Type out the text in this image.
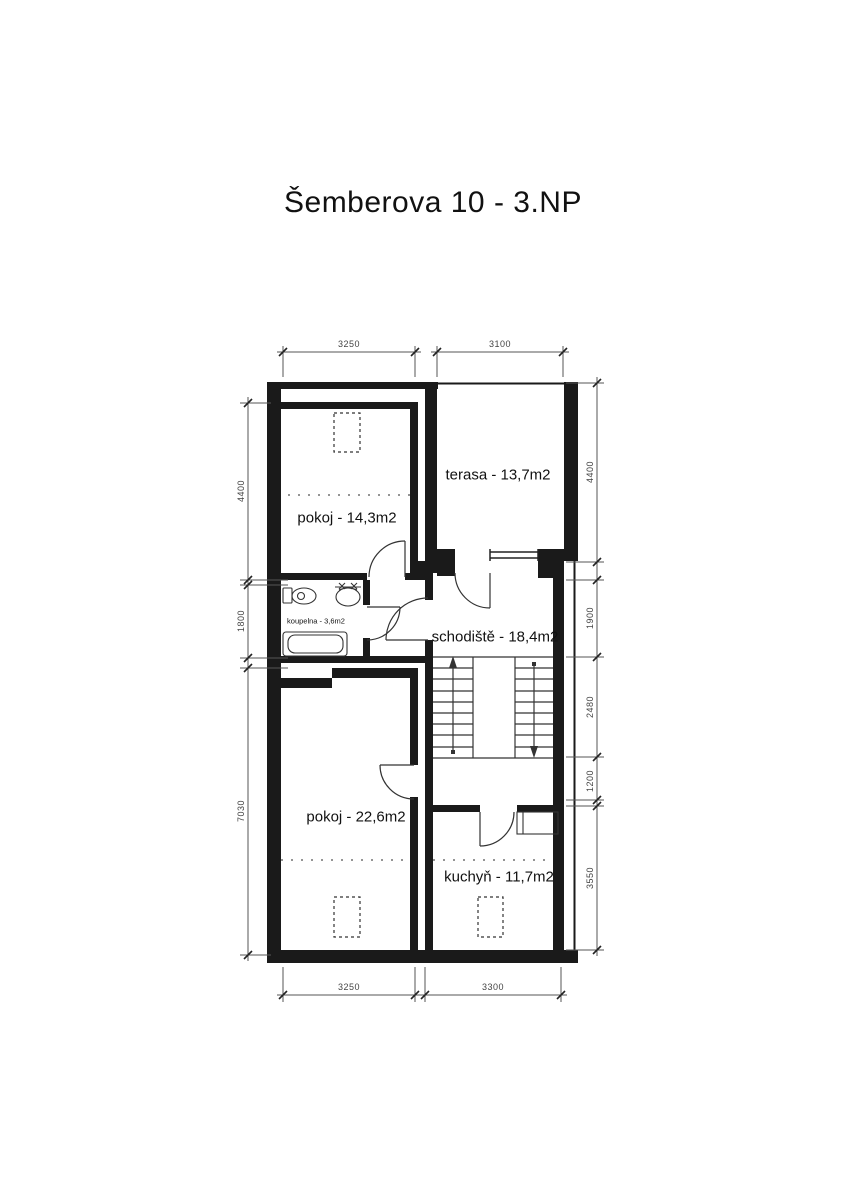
Šemberova 10 - 3.NP
pokoj - 14,3m2
terasa - 13,7m2
koupelna - 3,6m2
schodiště - 18,4m2
pokoj - 22,6m2
kuchyň - 11,7m2
3250	3100
3250	3300
4400
1800
7030
4400
1900
2480
1200
3550
